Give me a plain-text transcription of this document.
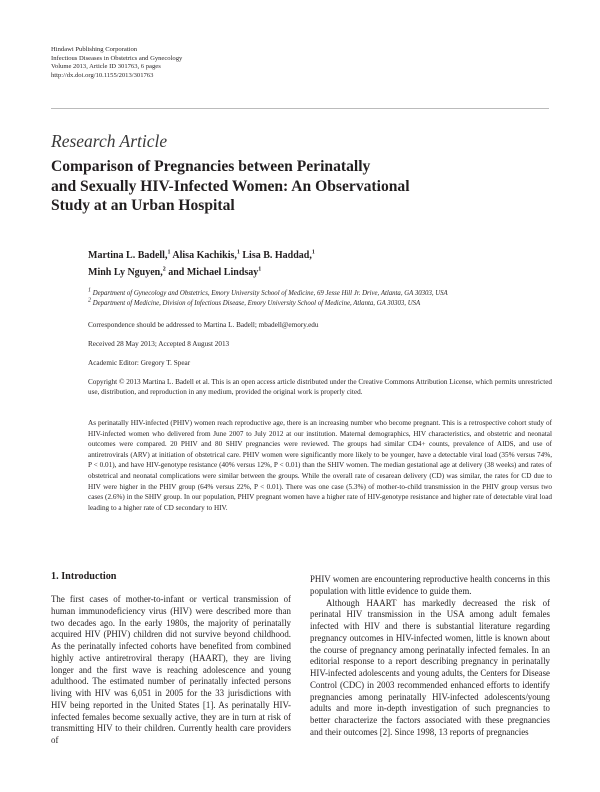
Hindawi Publishing Corporation
Infectious Diseases in Obstetrics and Gynecology
Volume 2013, Article ID 301763, 6 pages
http://dx.doi.org/10.1155/2013/301763
Research Article
Comparison of Pregnancies between Perinatally
and Sexually HIV-Infected Women: An Observational
Study at an Urban Hospital
Martina L. Badell,$^1$ Alisa Kachikis,$^1$ Lisa B. Haddad,$^1$
Minh Ly Nguyen,$^2$ and Michael Lindsay$^1$
$^1$ Department of Gynecology and Obstetrics, Emory University School of Medicine, 69 Jesse Hill Jr. Drive, Atlanta, GA 30303, USA
$^2$ Department of Medicine, Division of Infectious Disease, Emory University School of Medicine, Atlanta, GA 30303, USA
Correspondence should be addressed to Martina L. Badell; mbadell@emory.edu
Received 28 May 2013; Accepted 8 August 2013
Academic Editor: Gregory T. Spear
Copyright © 2013 Martina L. Badell et al. This is an open access article distributed under the Creative Commons Attribution License, which permits unrestricted use, distribution, and reproduction in any medium, provided the original work is properly cited.
As perinatally HIV-infected (PHIV) women reach reproductive age, there is an increasing number who become pregnant. This is a retrospective cohort study of HIV-infected women who delivered from June 2007 to July 2012 at our institution. Maternal demographics, HIV characteristics, and obstetric and neonatal outcomes were compared. 20 PHIV and 80 SHIV pregnancies were reviewed. The groups had similar CD4+ counts, prevalence of AIDS, and use of antiretrovirals (ARV) at initiation of obstetrical care. PHIV women were significantly more likely to be younger, have a detectable viral load (35% versus 74%, P < 0.01), and have HIV-genotype resistance (40% versus 12%, P < 0.01) than the SHIV women. The median gestational age at delivery (38 weeks) and rates of obstetrical and neonatal complications were similar between the groups. While the overall rate of cesarean delivery (CD) was similar, the rates for CD due to HIV were higher in the PHIV group (64% versus 22%, P < 0.01). There was one case (5.3%) of mother-to-child transmission in the PHIV group versus two cases (2.6%) in the SHIV group. In our population, PHIV pregnant women have a higher rate of HIV-genotype resistance and higher rate of detectable viral load leading to a higher rate of CD secondary to HIV.
1. Introduction
The first cases of mother-to-infant or vertical transmission of human immunodeficiency virus (HIV) were described more than two decades ago. In the early 1980s, the majority of perinatally acquired HIV (PHIV) children did not survive beyond childhood. As the perinatally infected cohorts have benefited from combined highly active antiretroviral therapy (HAART), they are living longer and the first wave is reaching adolescence and young adulthood. The estimated number of perinatally infected persons living with HIV was 6,051 in 2005 for the 33 jurisdictions with HIV being reported in the United States [1]. As perinatally HIV-infected females become sexually active, they are in turn at risk of transmitting HIV to their children. Currently health care providers of
PHIV women are encountering reproductive health concerns in this population with little evidence to guide them.
Although HAART has markedly decreased the risk of perinatal HIV transmission in the USA among adult females infected with HIV and there is substantial literature regarding pregnancy outcomes in HIV-infected women, little is known about the course of pregnancy among perinatally infected females. In an editorial response to a report describing pregnancy in perinatally HIV-infected adolescents and young adults, the Centers for Disease Control (CDC) in 2003 recommended enhanced efforts to identify pregnancies among perinatally HIV-infected adolescents/young adults and more in-depth investigation of such pregnancies to better characterize the factors associated with these pregnancies and their outcomes [2]. Since 1998, 13 reports of pregnancies
